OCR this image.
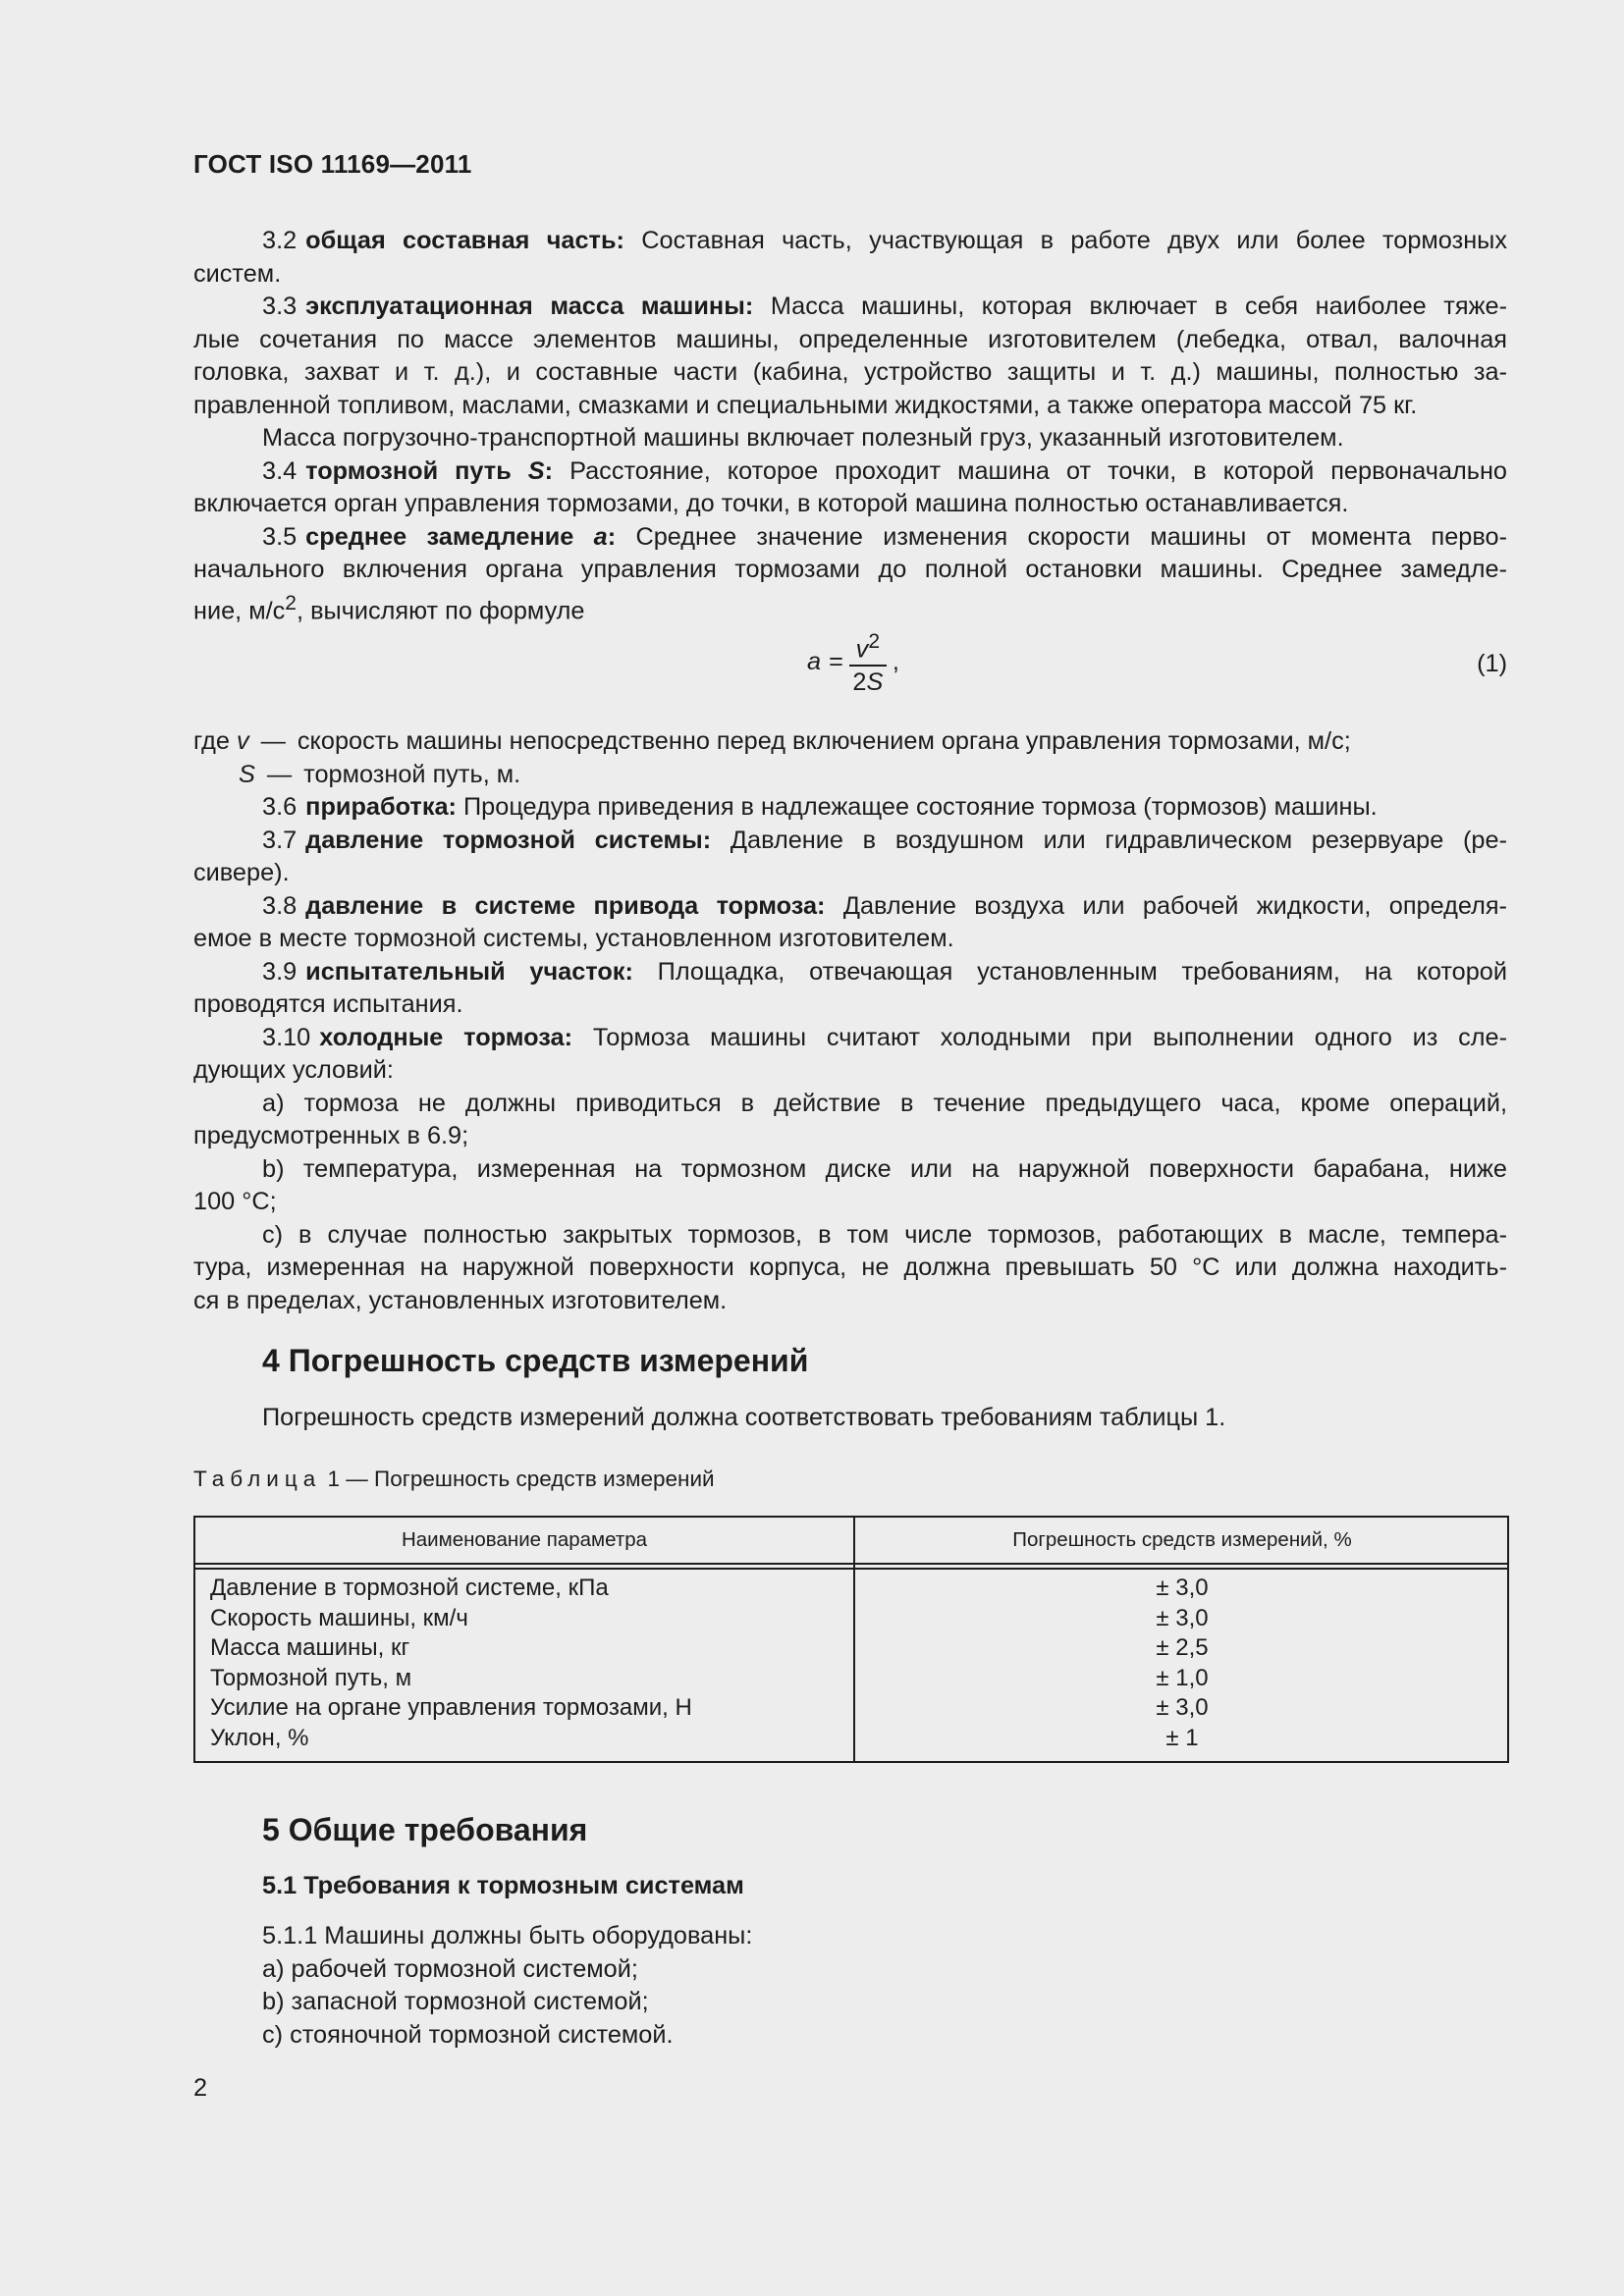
ГОСТ ISO 11169—2011

3.2 общая составная часть: Составная часть, участвующая в работе двух или более тормозных
систем.

3.3 эксплуатационная масса машины: Масса машины, которая включает в себя наиболее тяже-
лые сочетания по массе элементов машины, определенные изготовителем (лебедка, отвал, валочная
головка, захват и т. д.), и составные части (кабина, устройство защиты и т. д.) машины, полностью за-
правленной топливом, маслами, смазками и специальными жидкостями, а также оператора массой 75 кг.
Масса погрузочно-транспортной машины включает полезный груз, указанный изготовителем.

3.4 тормозной путь S: Расстояние, которое проходит машина от точки, в которой первоначально
включается орган управления тормозами, до точки, в которой машина полностью останавливается.

3.5 среднее замедление a: Среднее значение изменения скорости машины от момента перво-
начального включения органа управления тормозами до полной остановки машины. Среднее замедле-
ние, $м/с^2$, вычисляют по формуле

$a = \frac{v^2}{2S}$ ,	(1)

где v — скорость машины непосредственно перед включением органа управления тормозами, м/с;
S — тормозной путь, м.

3.6 приработка: Процедура приведения в надлежащее состояние тормоза (тормозов) машины.

3.7 давление тормозной системы: Давление в воздушном или гидравлическом резервуаре (ре-
сивере).

3.8 давление в системе привода тормоза: Давление воздуха или рабочей жидкости, определя-
емое в месте тормозной системы, установленном изготовителем.

3.9 испытательный участок: Площадка, отвечающая установленным требованиям, на которой
проводятся испытания.

3.10 холодные тормоза: Тормоза машины считают холодными при выполнении одного из сле-
дующих условий:

a) тормоза не должны приводиться в действие в течение предыдущего часа, кроме операций,
предусмотренных в 6.9;

b) температура, измеренная на тормозном диске или на наружной поверхности барабана, ниже
100 °С;

c) в случае полностью закрытых тормозов, в том числе тормозов, работающих в масле, темпера-
тура, измеренная на наружной поверхности корпуса, не должна превышать 50 °С или должна находить-
ся в пределах, установленных изготовителем.

4 Погрешность средств измерений
Погрешность средств измерений должна соответствовать требованиям таблицы 1.
Таблица 1 — Погрешность средств измерений
Наименование параметра	Погрешность средств измерений, %
Давление в тормозной системе, кПа	± 3,0
Скорость машины, км/ч	± 3,0
Масса машины, кг	± 2,5
Тормозной путь, м	± 1,0
Усилие на органе управления тормозами, Н	± 3,0
Уклон, %	± 1
5 Общие требования
5.1 Требования к тормозным системам
5.1.1 Машины должны быть оборудованы:
a) рабочей тормозной системой;
b) запасной тормозной системой;
c) стояночной тормозной системой.
2
